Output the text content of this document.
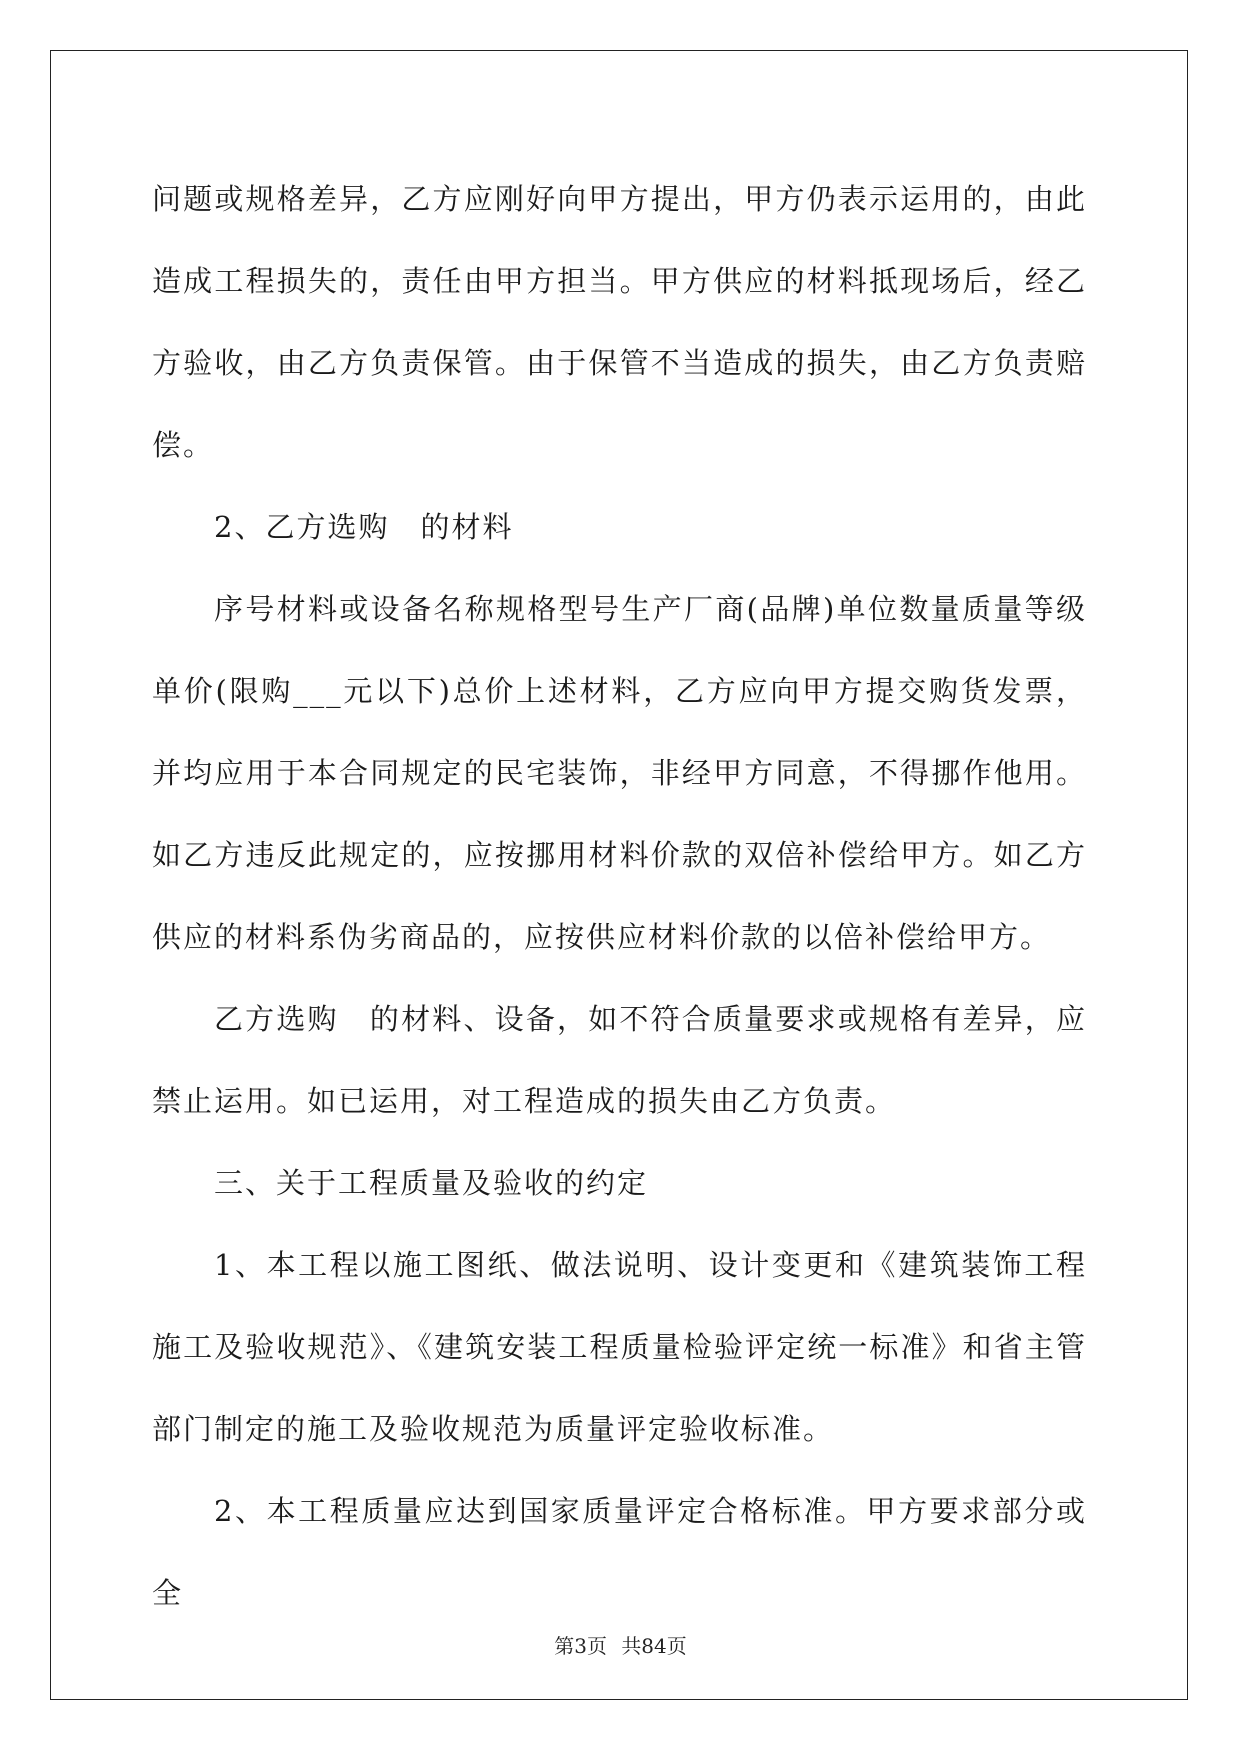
问题或规格差异，乙方应刚好向甲方提出，甲方仍表示运用的，由此造成工程损失的，责任由甲方担当。甲方供应的材料抵现场后，经乙方验收，由乙方负责保管。由于保管不当造成的损失，由乙方负责赔偿。

2、乙方选购　的材料

序号材料或设备名称规格型号生产厂商(品牌)单位数量质量等级单价(限购___元以下)总价上述材料，乙方应向甲方提交购货发票，并均应用于本合同规定的民宅装饰，非经甲方同意，不得挪作他用。如乙方违反此规定的，应按挪用材料价款的双倍补偿给甲方。如乙方供应的材料系伪劣商品的，应按供应材料价款的以倍补偿给甲方。

乙方选购　的材料、设备，如不符合质量要求或规格有差异，应禁止运用。如已运用，对工程造成的损失由乙方负责。

三、关于工程质量及验收的约定

1、本工程以施工图纸、做法说明、设计变更和《建筑装饰工程施工及验收规范》、《建筑安装工程质量检验评定统一标准》和省主管部门制定的施工及验收规范为质量评定验收标准。

2、本工程质量应达到国家质量评定合格标准。甲方要求部分或全

第3页 共84页
